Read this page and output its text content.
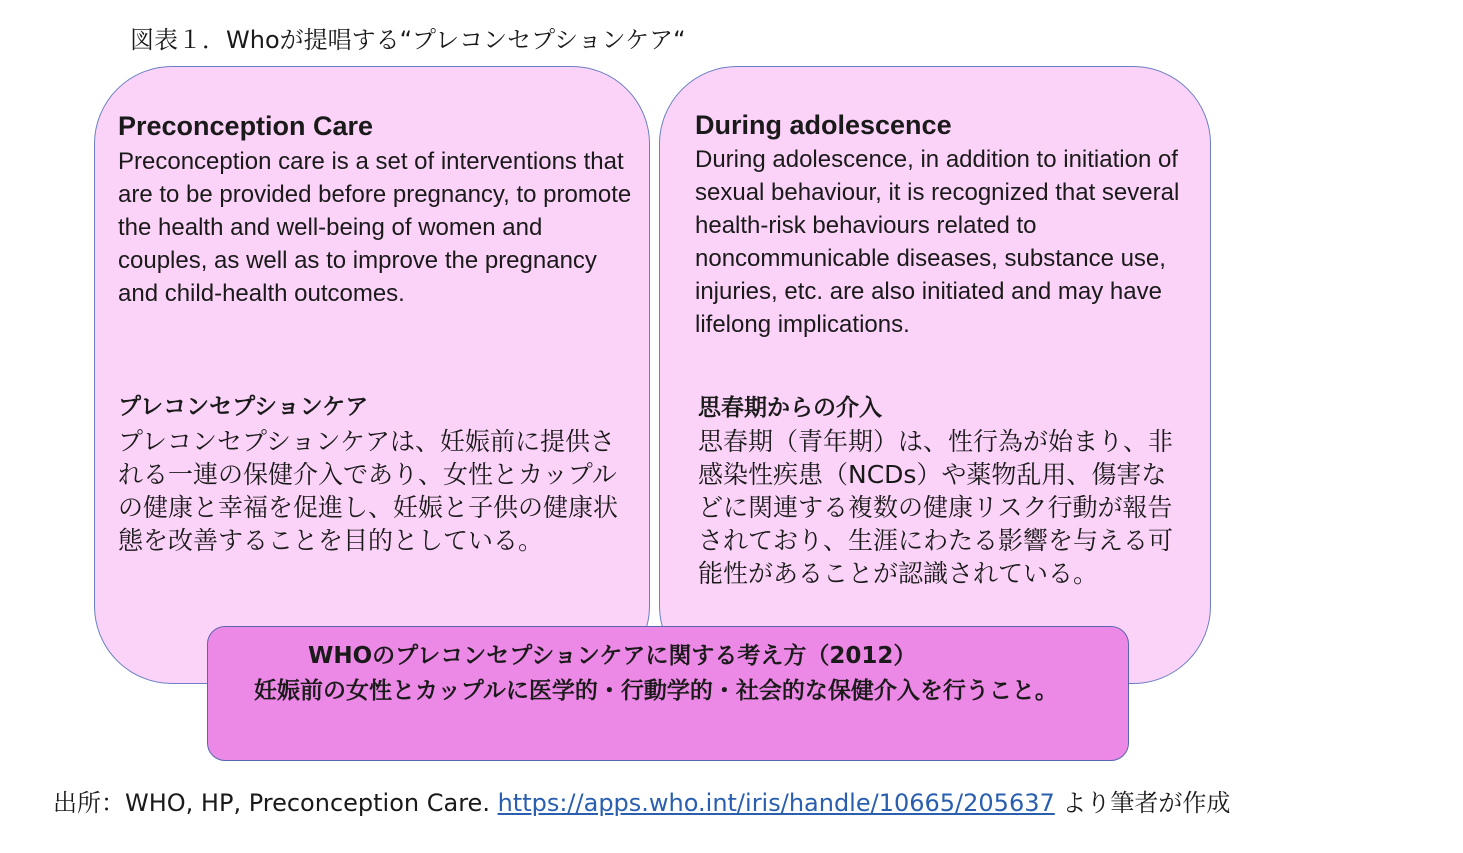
図表１．Whoが提唱する“プレコンセプションケア“
Preconception Care

Preconception care is a set of interventions that are to be provided before pregnancy, to promote the health and well-being of women and couples, as well as to improve the pregnancy and child-health outcomes.

プレコンセプションケア

プレコンセプションケアは、妊娠前に提供される一連の保健介入であり、女性とカップルの健康と幸福を促進し、妊娠と子供の健康状態を改善することを目的としている。

During adolescence

During adolescence, in addition to initiation of sexual behaviour, it is recognized that several health-risk behaviours related to noncommunicable diseases, substance use, injuries, etc. are also initiated and may have lifelong implications.

思春期からの介入

思春期（青年期）は、性行為が始まり、非感染性疾患（NCDs）や薬物乱用、傷害などに関連する複数の健康リスク行動が報告されており、生涯にわたる影響を与える可能性があることが認識されている。

WHOのプレコンセプションケアに関する考え方（2012）

妊娠前の女性とカップルに医学的・行動学的・社会的な保健介入を行うこと。

出所：WHO, HP, Preconception Care. https://apps.who.int/iris/handle/10665/205637 より筆者が作成
